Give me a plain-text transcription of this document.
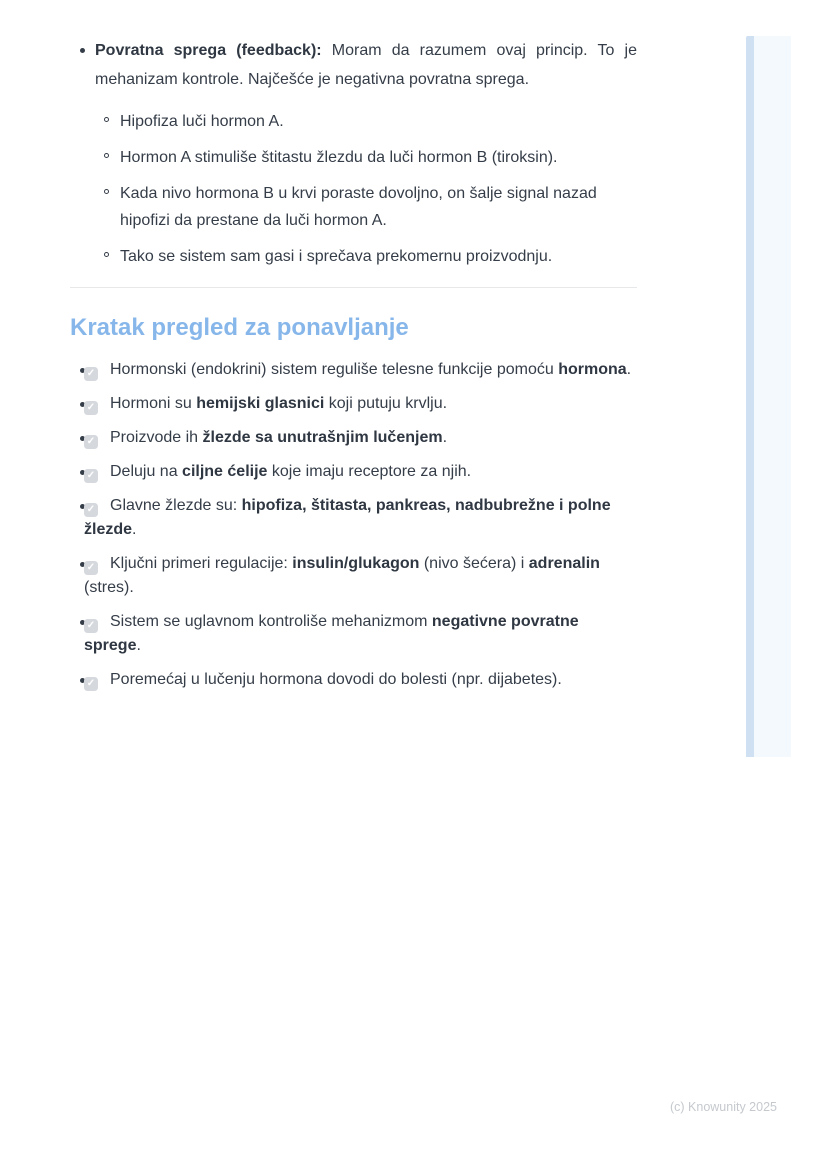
Povratna sprega (feedback): Moram da razumem ovaj princip. To je mehanizam kontrole. Najčešće je negativna povratna sprega.
Hipofiza luči hormon A.
Hormon A stimuliše štitastu žlezdu da luči hormon B (tiroksin).
Kada nivo hormona B u krvi poraste dovoljno, on šalje signal nazad hipofizi da prestane da luči hormon A.
Tako se sistem sam gasi i sprečava prekomernu proizvodnju.
Kratak pregled za ponavljanje
✓ Hormonski (endokrini) sistem reguliše telesne funkcije pomoću hormona.
✓ Hormoni su hemijski glasnici koji putuju krvlju.
✓ Proizvode ih žlezde sa unutrašnjim lučenjem.
✓ Deluju na ciljne ćelije koje imaju receptore za njih.
✓ Glavne žlezde su: hipofiza, štitasta, pankreas, nadbubrežne i polne žlezde.
✓ Ključni primeri regulacije: insulin/glukagon (nivo šećera) i adrenalin (stres).
✓ Sistem se uglavnom kontroliše mehanizmom negativne povratne sprege.
✓ Poremećaj u lučenju hormona dovodi do bolesti (npr. dijabetes).
(c) Knowunity 2025
